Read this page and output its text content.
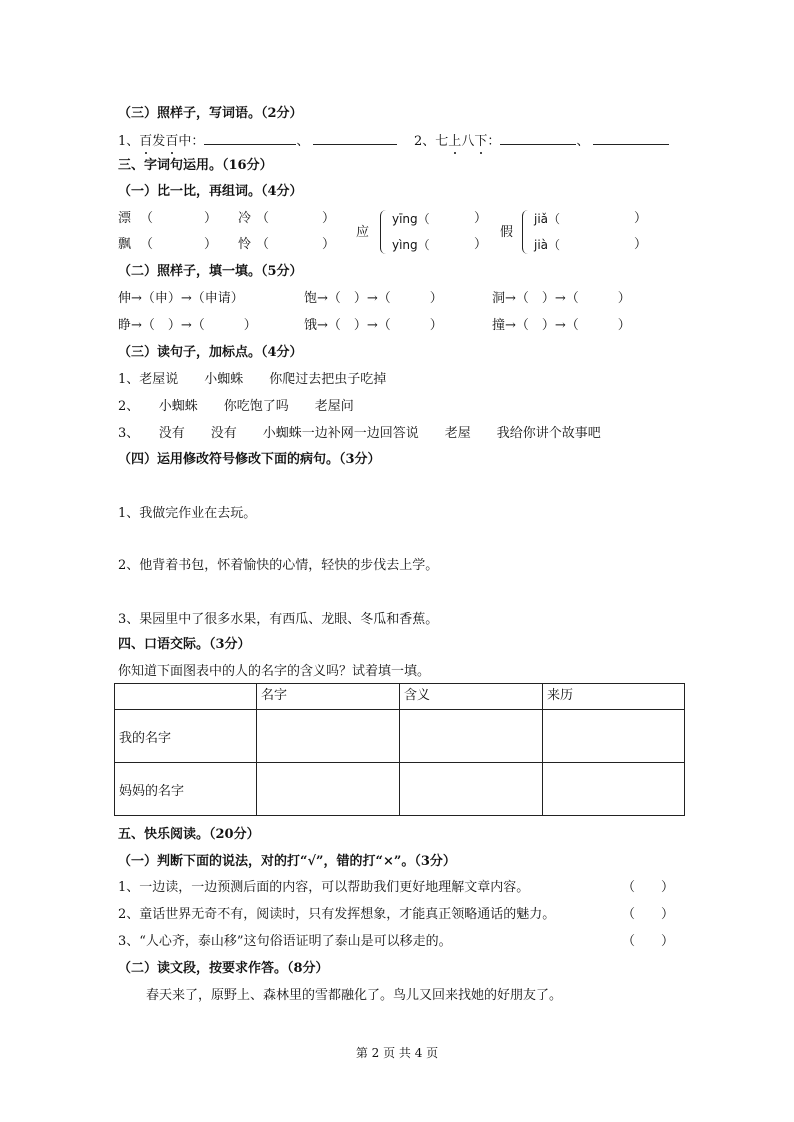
（三）照样子，写词语。（2分）
1、百发百中：	、	2、七上八下：	、
三、字词句运用。（16分）
（一）比一比，再组词。（4分）
漂 （	） 冷 （	）
飘 （	） 怜 （	）
应
yīng（	）
yìng（	）
假
jiǎ（	）
jià（	）
（二）照样子，填一填。（5分）
伸→（申）→（申请）	饱→（　）→（　　　）	洞→（　）→（　　　）
睁→（　）→（　　　）	饿→（　）→（　　　）	撞→（　）→（　　　）
（三）读句子，加标点。（4分）
1、老屋说　　小蜘蛛　　你爬过去把虫子吃掉
2、　　小蜘蛛　　你吃饱了吗　　老屋问
3、　　没有　　没有　　小蜘蛛一边补网一边回答说　　老屋　　我给你讲个故事吧
（四）运用修改符号修改下面的病句。（3分）
1、我做完作业在去玩。
2、他背着书包，怀着愉快的心情，轻快的步伐去上学。
3、果园里中了很多水果，有西瓜、龙眼、冬瓜和香蕉。
四、口语交际。（3分）
你知道下面图表中的人的名字的含义吗？试着填一填。
	名字	含义	来历
我的名字			
妈妈的名字			
五、快乐阅读。（20分）
（一）判断下面的说法，对的打“√”，错的打“×”。（3分）
1、一边读，一边预测后面的内容，可以帮助我们更好地理解文章内容。	（　　）
2、童话世界无奇不有，阅读时，只有发挥想象，才能真正领略通话的魅力。	（　　）
3、“人心齐，泰山移”这句俗语证明了泰山是可以移走的。	（　　）
（二）读文段，按要求作答。（8分）
春天来了，原野上、森林里的雪都融化了。鸟儿又回来找她的好朋友了。
第 2 页 共 4 页
